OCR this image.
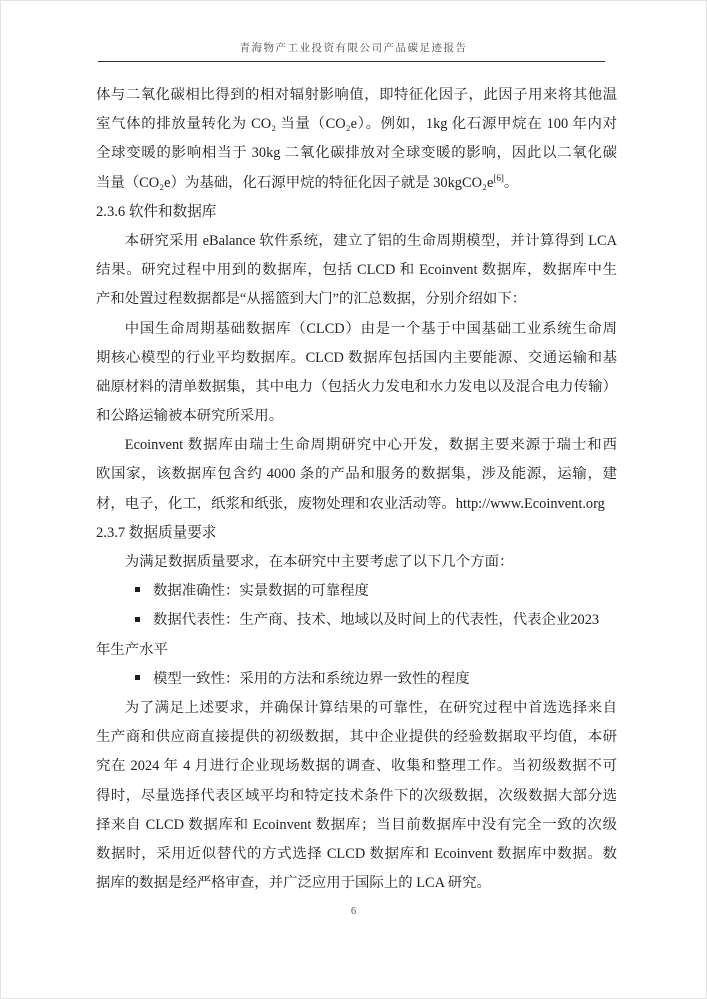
青海物产工业投资有限公司产品碳足迹报告

体与二氧化碳相比得到的相对辐射影响值，即特征化因子，此因子用来将其他温

室气体的排放量转化为 CO₂ 当量（CO₂e）。例如，1kg 化石源甲烷在 100 年内对

全球变暖的影响相当于 30kg 二氧化碳排放对全球变暖的影响，因此以二氧化碳

当量（CO₂e）为基础，化石源甲烷的特征化因子就是 30kgCO₂e[6]。

2.3.6 软件和数据库

本研究采用 eBalance 软件系统，建立了铝的生命周期模型，并计算得到 LCA

结果。研究过程中用到的数据库，包括 CLCD 和 Ecoinvent 数据库，数据库中生

产和处置过程数据都是“从摇篮到大门”的汇总数据，分别介绍如下：

中国生命周期基础数据库（CLCD）由是一个基于中国基础工业系统生命周

期核心模型的行业平均数据库。CLCD 数据库包括国内主要能源、交通运输和基

础原材料的清单数据集，其中电力（包括火力发电和水力发电以及混合电力传输）

和公路运输被本研究所采用。

Ecoinvent 数据库由瑞士生命周期研究中心开发，数据主要来源于瑞士和西

欧国家，该数据库包含约 4000 条的产品和服务的数据集，涉及能源，运输，建

材，电子，化工，纸浆和纸张，废物处理和农业活动等。http://www.Ecoinvent.org

2.3.7 数据质量要求

为满足数据质量要求，在本研究中主要考虑了以下几个方面：

数据准确性：实景数据的可靠程度

数据代表性：生产商、技术、地域以及时间上的代表性，代表企业2023

年生产水平

模型一致性：采用的方法和系统边界一致性的程度

为了满足上述要求，并确保计算结果的可靠性，在研究过程中首选选择来自

生产商和供应商直接提供的初级数据，其中企业提供的经验数据取平均值，本研

究在 2024 年 4 月进行企业现场数据的调查、收集和整理工作。当初级数据不可

得时，尽量选择代表区域平均和特定技术条件下的次级数据，次级数据大部分选

择来自 CLCD 数据库和 Ecoinvent 数据库；当目前数据库中没有完全一致的次级

数据时，采用近似替代的方式选择 CLCD 数据库和 Ecoinvent 数据库中数据。数

据库的数据是经严格审查，并广泛应用于国际上的 LCA 研究。

6
